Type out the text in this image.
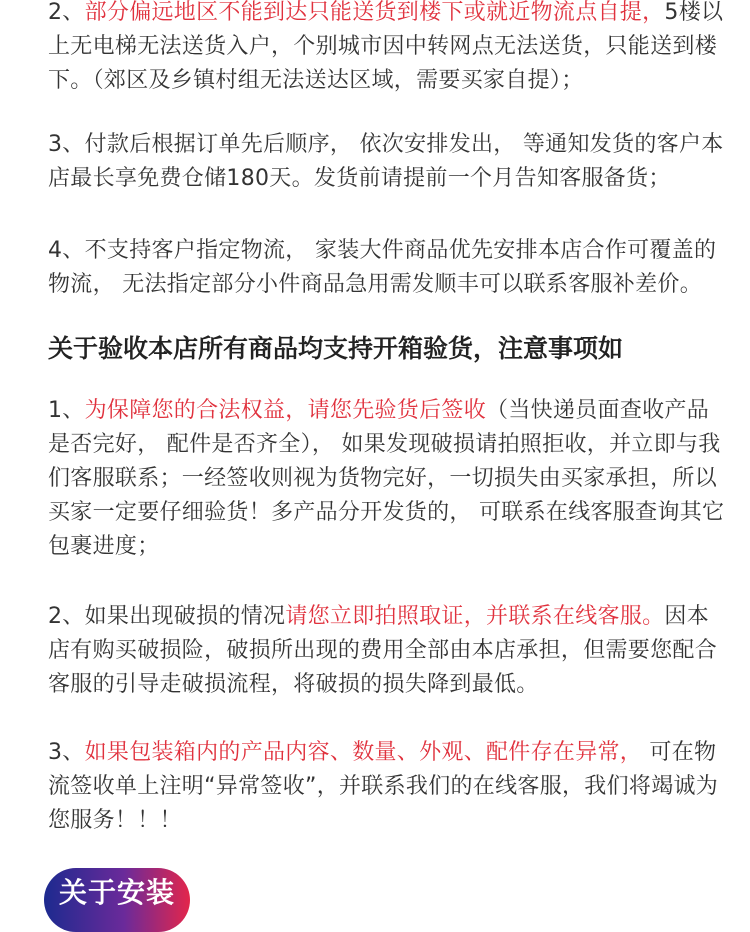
2、部分偏远地区不能到达只能送货到楼下或就近物流点自提，5楼以上无电梯无法送货入户，个别城市因中转网点无法送货，只能送到楼下。（郊区及乡镇村组无法送达区域，需要买家自提）；
3、付款后根据订单先后顺序， 依次安排发出， 等通知发货的客户本店最长享免费仓储180天。发货前请提前一个月告知客服备货；
4、不支持客户指定物流， 家装大件商品优先安排本店合作可覆盖的物流， 无法指定部分小件商品急用需发顺丰可以联系客服补差价。
关于验收本店所有商品均支持开箱验货，注意事项如
1、为保障您的合法权益，请您先验货后签收（当快递员面查收产品是否完好， 配件是否齐全）， 如果发现破损请拍照拒收，并立即与我们客服联系；一经签收则视为货物完好，一切损失由买家承担，所以买家一定要仔细验货！多产品分开发货的， 可联系在线客服查询其它包裹进度；
2、如果出现破损的情况请您立即拍照取证，并联系在线客服。因本店有购买破损险，破损所出现的费用全部由本店承担，但需要您配合客服的引导走破损流程，将破损的损失降到最低。
3、如果包装箱内的产品内容、数量、外观、配件存在异常， 可在物流签收单上注明“异常签收”，并联系我们的在线客服，我们将竭诚为您服务！！！
关于安装
